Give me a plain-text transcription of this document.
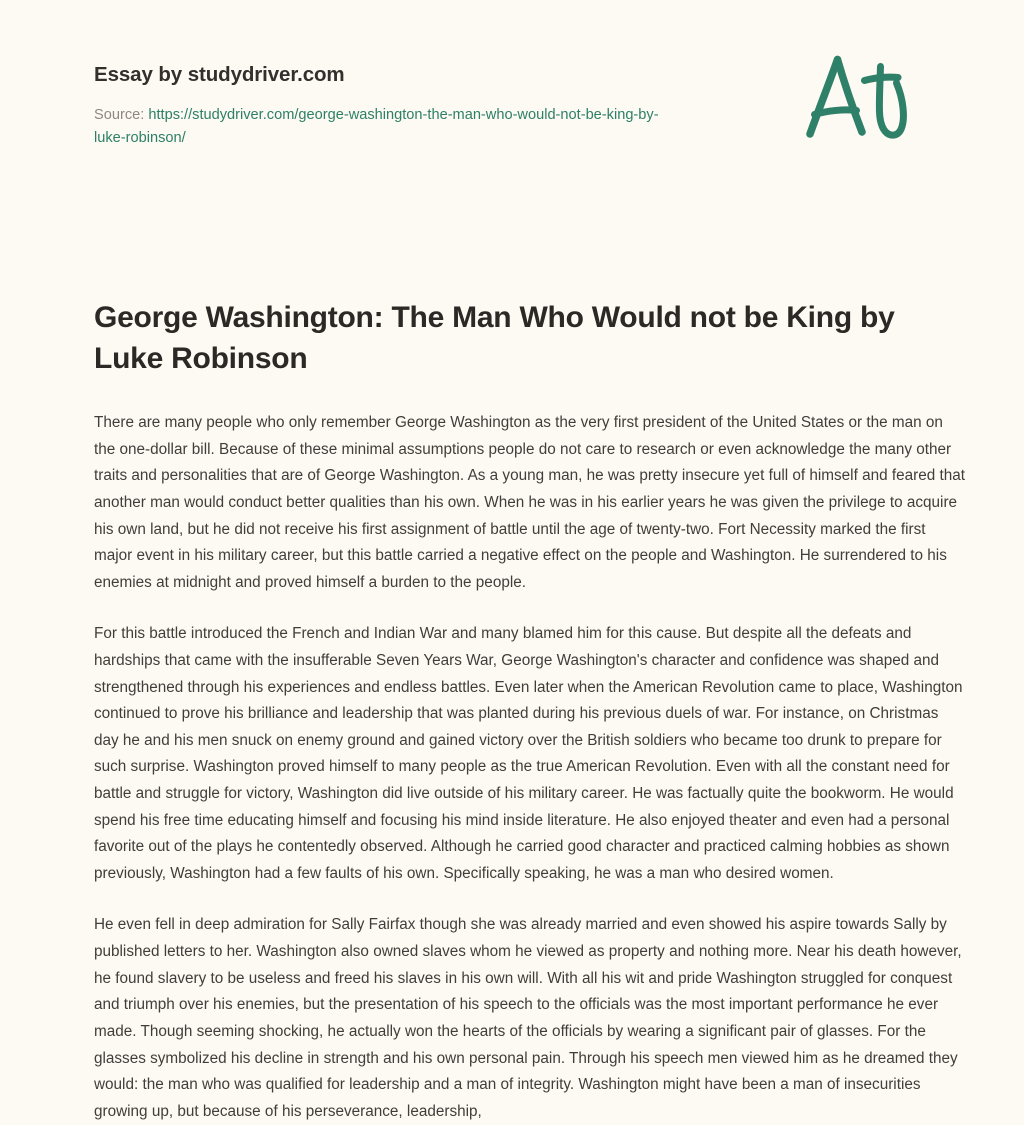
Essay by studydriver.com

Source: https://studydriver.com/george-washington-the-man-who-would-not-be-king-by-luke-robinson/

George Washington: The Man Who Would not be King by Luke Robinson

There are many people who only remember George Washington as the very first president of the United States or the man on the one-dollar bill. Because of these minimal assumptions people do not care to research or even acknowledge the many other traits and personalities that are of George Washington. As a young man, he was pretty insecure yet full of himself and feared that another man would conduct better qualities than his own. When he was in his earlier years he was given the privilege to acquire his own land, but he did not receive his first assignment of battle until the age of twenty-two. Fort Necessity marked the first major event in his military career, but this battle carried a negative effect on the people and Washington. He surrendered to his enemies at midnight and proved himself a burden to the people.

For this battle introduced the French and Indian War and many blamed him for this cause. But despite all the defeats and hardships that came with the insufferable Seven Years War, George Washington's character and confidence was shaped and strengthened through his experiences and endless battles. Even later when the American Revolution came to place, Washington continued to prove his brilliance and leadership that was planted during his previous duels of war. For instance, on Christmas day he and his men snuck on enemy ground and gained victory over the British soldiers who became too drunk to prepare for such surprise. Washington proved himself to many people as the true American Revolution. Even with all the constant need for battle and struggle for victory, Washington did live outside of his military career. He was factually quite the bookworm. He would spend his free time educating himself and focusing his mind inside literature. He also enjoyed theater and even had a personal favorite out of the plays he contentedly observed. Although he carried good character and practiced calming hobbies as shown previously, Washington had a few faults of his own. Specifically speaking, he was a man who desired women.

He even fell in deep admiration for Sally Fairfax though she was already married and even showed his aspire towards Sally by published letters to her. Washington also owned slaves whom he viewed as property and nothing more. Near his death however, he found slavery to be useless and freed his slaves in his own will. With all his wit and pride Washington struggled for conquest and triumph over his enemies, but the presentation of his speech to the officials was the most important performance he ever made. Though seeming shocking, he actually won the hearts of the officials by wearing a significant pair of glasses. For the glasses symbolized his decline in strength and his own personal pain. Through his speech men viewed him as he dreamed they would: the man who was qualified for leadership and a man of integrity. Washington might have been a man of insecurities growing up, but because of his perseverance, leadership,
